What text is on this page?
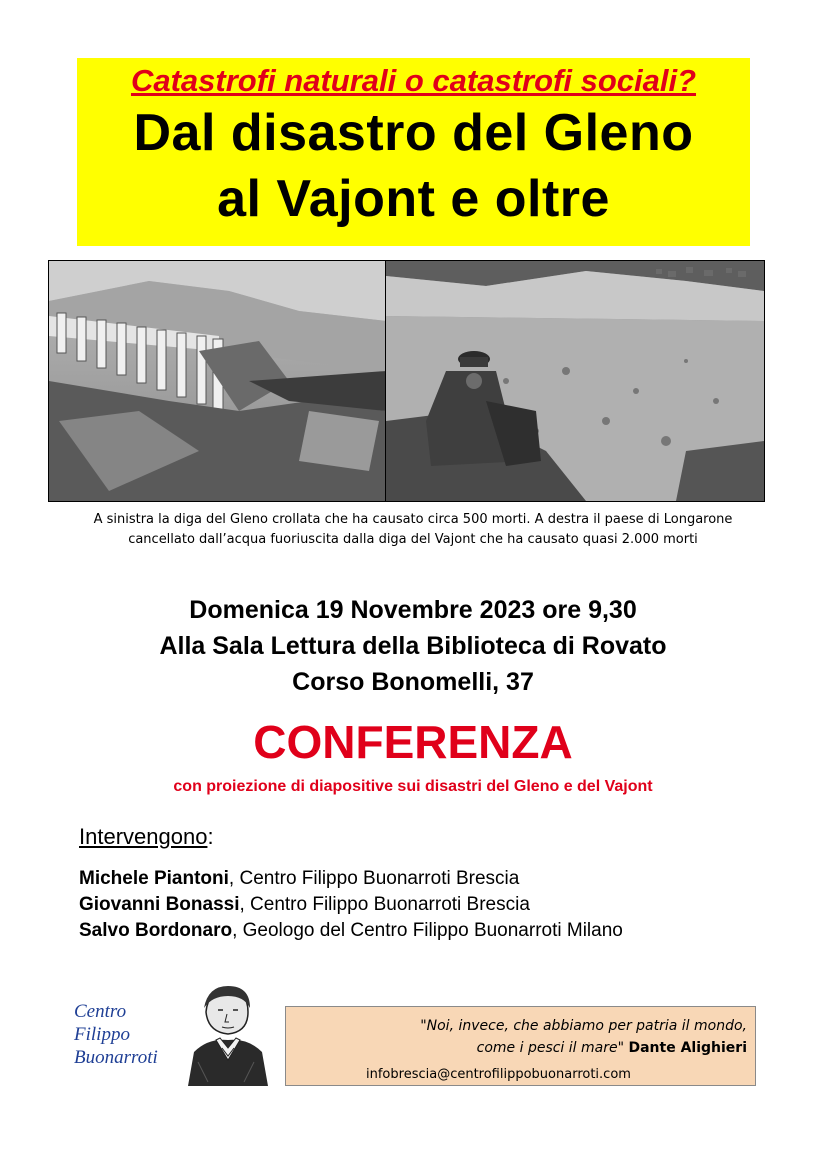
Catastrofi naturali o catastrofi sociali?
Dal disastro del Gleno
al Vajont e oltre
A sinistra la diga del Gleno crollata che ha causato circa 500 morti. A destra il paese di Longarone
cancellato dall’acqua fuoriuscita dalla diga del Vajont che ha causato quasi 2.000 morti
Domenica 19 Novembre 2023 ore 9,30
Alla Sala Lettura della Biblioteca di Rovato
Corso Bonomelli, 37
CONFERENZA
con proiezione di diapositive sui disastri del Gleno e del Vajont
Intervengono:
Michele Piantoni, Centro Filippo Buonarroti Brescia
Giovanni Bonassi, Centro Filippo Buonarroti Brescia
Salvo Bordonaro, Geologo del Centro Filippo Buonarroti Milano
Centro
Filippo
Buonarroti
"Noi, invece, che abbiamo per patria il mondo,
come i pesci il mare" Dante Alighieri
infobrescia@centrofilippobuonarroti.com
